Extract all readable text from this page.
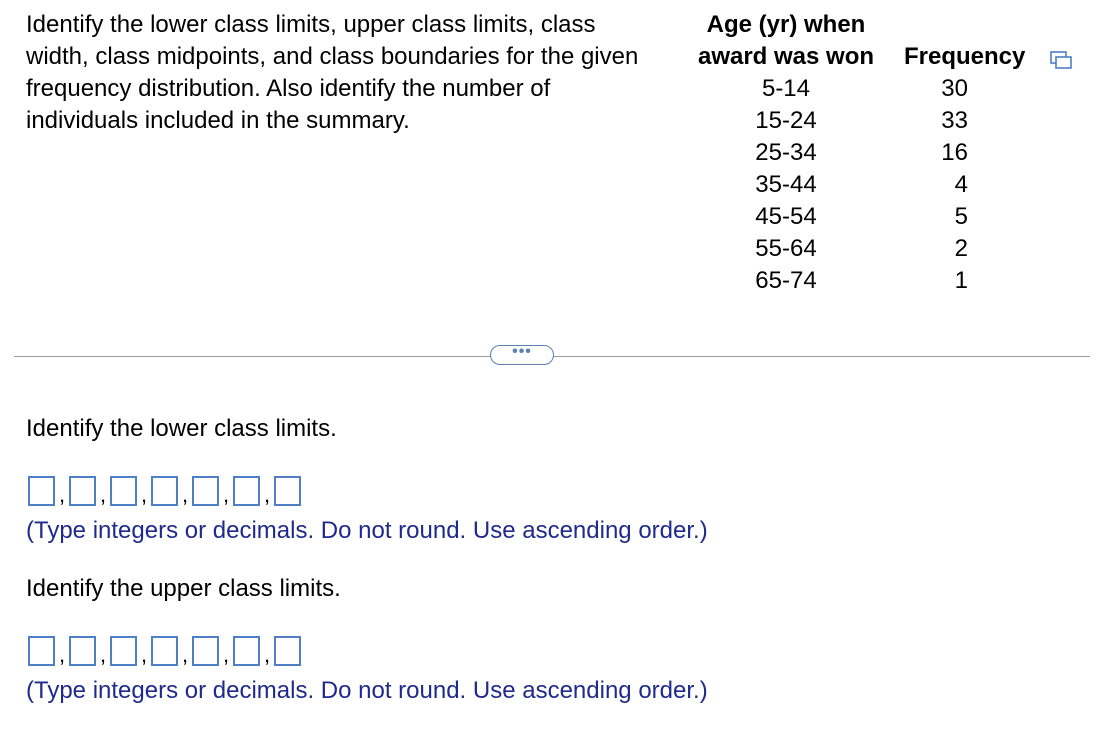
Identify the lower class limits, upper class limits, class width, class midpoints, and class boundaries for the given frequency distribution. Also identify the number of individuals included in the summary.

Age (yr) when
award was won	Frequency
5-14	30
15-24	33
25-34	16
35-44	4
45-54	5
55-64	2
65-74	1
•••

Identify the lower class limits.

, , , , , ,

(Type integers or decimals. Do not round. Use ascending order.)

Identify the upper class limits.

, , , , , ,

(Type integers or decimals. Do not round. Use ascending order.)
